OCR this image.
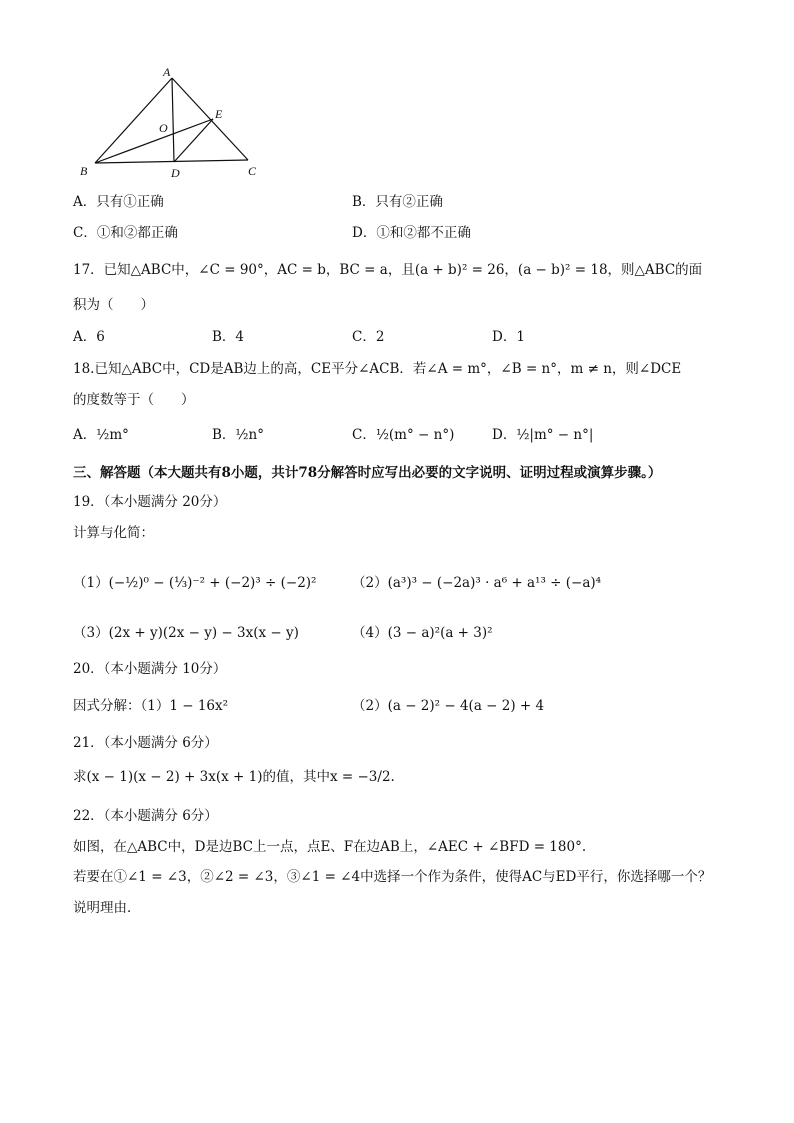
A
B	C
D
E
O
A．只有①正确	B．只有②正确
C．①和②都正确	D．①和②都不正确
17．已知△ABC中，∠C = 90°，AC = b，BC = a，且(a + b)² = 26，(a − b)² = 18，则△ABC的面
积为（　　）
A．6	B．4	C．2	D．1
18.已知△ABC中，CD是AB边上的高，CE平分∠ACB．若∠A = m°，∠B = n°，m ≠ n，则∠DCE
的度数等于（　　）
A．½m°	B．½n°	C．½(m° − n°)	D．½|m° − n°|
三、解答题（本大题共有8小题，共计78分解答时应写出必要的文字说明、证明过程或演算步骤。）
19．（本小题满分 20分）
计算与化简：
（1）(−½)⁰ − (⅓)⁻² + (−2)³ ÷ (−2)²	（2）(a³)³ − (−2a)³ · a⁶ + a¹³ ÷ (−a)⁴
（3）(2x + y)(2x − y) − 3x(x − y)	（4）(3 − a)²(a + 3)²
20．（本小题满分 10分）
因式分解：（1）1 − 16x²	（2）(a − 2)² − 4(a − 2) + 4
21．（本小题满分 6分）
求(x − 1)(x − 2) + 3x(x + 1)的值，其中x = −3/2.
22．（本小题满分 6分）
如图，在△ABC中，D是边BC上一点，点E、F在边AB上，∠AEC + ∠BFD = 180°.
若要在①∠1 = ∠3，②∠2 = ∠3，③∠1 = ∠4中选择一个作为条件，使得AC与ED平行，你选择哪一个？
说明理由．
